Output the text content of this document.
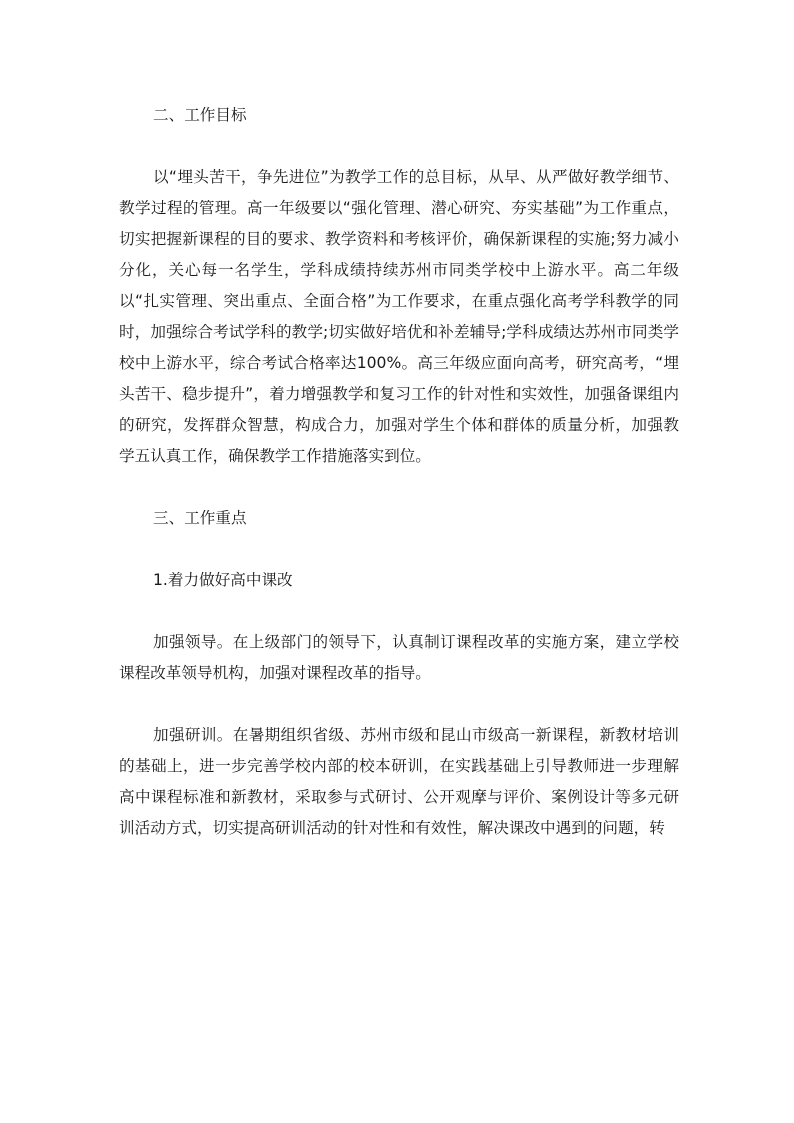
二、工作目标

以“埋头苦干，争先进位”为教学工作的总目标，从早、从严做好教学细节、教学过程的管理。高一年级要以“强化管理、潜心研究、夯实基础”为工作重点，切实把握新课程的目的要求、教学资料和考核评价，确保新课程的实施;努力减小分化，关心每一名学生，学科成绩持续苏州市同类学校中上游水平。高二年级以“扎实管理、突出重点、全面合格”为工作要求，在重点强化高考学科教学的同时，加强综合考试学科的教学;切实做好培优和补差辅导;学科成绩达苏州市同类学校中上游水平，综合考试合格率达100%。高三年级应面向高考，研究高考，“埋头苦干、稳步提升”，着力增强教学和复习工作的针对性和实效性，加强备课组内的研究，发挥群众智慧，构成合力，加强对学生个体和群体的质量分析，加强教学五认真工作，确保教学工作措施落实到位。

三、工作重点

1.着力做好高中课改

加强领导。在上级部门的领导下，认真制订课程改革的实施方案，建立学校课程改革领导机构，加强对课程改革的指导。

加强研训。在暑期组织省级、苏州市级和昆山市级高一新课程，新教材培训的基础上，进一步完善学校内部的校本研训，在实践基础上引导教师进一步理解高中课程标准和新教材，采取参与式研讨、公开观摩与评价、案例设计等多元研训活动方式，切实提高研训活动的针对性和有效性，解决课改中遇到的问题，转
